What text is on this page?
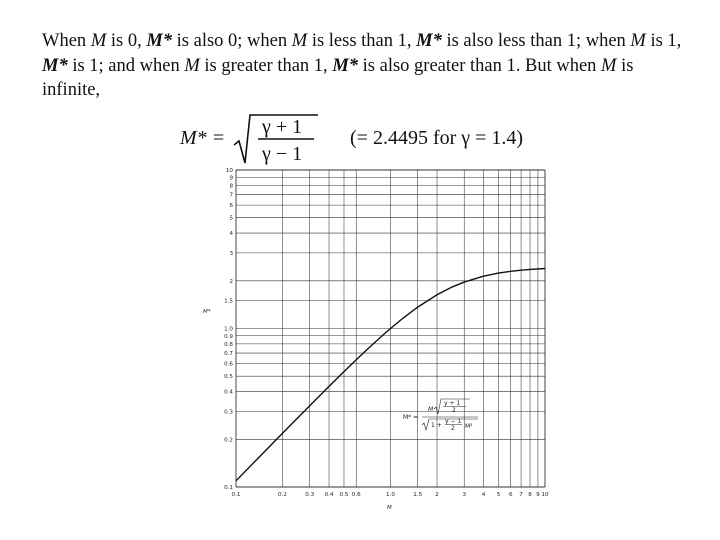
When M is 0, M* is also 0; when M is less than 1, M* is also less than 1; when M is 1, M* is 1; and when M is greater than 1, M* is also greater than 1. But when M is infinite,
M* = γ + 1
γ − 1
(= 2.4495 for γ = 1.4)
0.1	0.2	0.3 0.4 0.5 0.6	1.0	1.5 2	3	4 5 6 7 8 9 10
0.1
0.2
0.3
0.4
0.5
0.6
0.7
0.8
0.9
1.0
1.5
2
3
4
5
6
7
8
9
10
M*
M
M* =
M
γ + 1
2
1 +
γ − 1
2 M²
